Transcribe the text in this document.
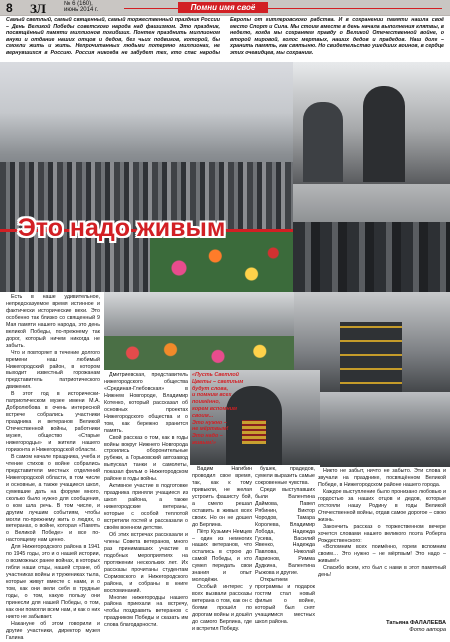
8 ЗЛ	№ 6 (160),
июнь 2014 г.	Помни имя своё

Самый светлый, самый священный, самый торжественный праздник России – День Великой Победы советского народа над фашизмом. Это праздник, посвящённый памяти миллионов погибших. Понтен празднить миллионом внуки и отдание наших отцов и дедов, без чьих подвигов, которой, бы смогли жить и жить. Непрочитанных людьми потеряно миллионах, не вернувшихся в Россию. Россия никогда не забудет тех, кто спас народы Европы от гитлеровского рабства. И в сохранении памяти нашла своё место Спорт и Сила. Мы стоим вместе в день начала выполнения клятвы, в неделю, когда мы сохраняем правду о Великой Отечественной войне, о второй мировой, голос мертвых, наших дедов и прадедов. Наш долг – хранить память, как святыню. Но свидетельство ушедших воинов, в сердце этих очевидцев, мы сохраним.

Это надо живым

Есть в наше удивительное, непредсказуемое время истинное и фактически исторические вехи. Это особенно так близко со священный 9 Мая памяти нашего народа, это день великой Победы, по-прежнему так дорог, который ничем никогда не забыть.

Что и повторяет в течение долгого времени наш любимый Нижегородский район, в котором выходит известный горожанам представитель патриотического движения.

В этот год в исторически-патриотическом музее имени М.А. Добролюбова в очень интересной встрече собрались участники праздника и ветеранов Великой Отечественной войны, работники музея, общество «Старые нижегородцы» и жители нашего горизонта и Нижегородской области.

В самом начале праздника, учеба и чтение стихов о войне собрались представители местных отделений Нижегородской области, в том числе и основные, а также учащиеся школ, сумевшие дать на форуме много, сколько было нужно для сообщения, о ком шла речь. В том числе, и другим лучшим событиям, чтобы могли по-прежнему жить о людях, о ветеранах, о войне, которая «Память о Великой Победе» и все по-настоящему нам ценно.

Для Нижегородского района в 1941 по 1945 годы, это и о нашей истории, о возможных ранее войнах, в которых гибли наши отцы, нашей стране, об участниках войны и тружениках тыла, которые живут вместе с нами, и о том, как они вели себя в трудные годы, о том, какую пользу они принесли для нашей Победы, о том, как они помогли всем нам, и как о них никто не забывает.

Накануне об этом говорили и другие участники, директор музея Галина

Дмитриевская, представитель нижегородского общества «Срединая-Глебовская» в Нижнем Новгороде, Владимир Котенко, который рассказал об основных проектах Нижегородского общества и о том, как бережно хранится память.

Свой рассказ о том, как в годы войны вокруг Нижнего Новгорода строились оборонительные рубежи, а Горьковский автозавод выпускал танки и самолеты, показал фильм о Нижегородском районе в годы войны.

Активное участие в подготовке праздника приняли учащиеся из школ района, а также нижегородские ветераны, которые с особой теплотой встретили гостей и рассказали о своём военном детстве.

Об этих встречах рассказали и члены Совета ветеранов, много раз принимавших участие в подобных мероприятиях на протяжении нескольких лет. Их рассказы прочитаны студентам Сормовского и Нижегородского района, и собраны в книге воспоминаний.

Многие нижегородцы нашего района приехали на встречу, чтобы поздравить ветеранов с праздником Победы и сказать им слова благодарности.

«Пусть Светлой
Цветы – светлым
будут слова,
и помним всех
поимённо,
горем вспомним
своим...
Это нужно –
не мёртвым!
Это надо –
живым!»

Вадим Нагибин проводил свое время, так, как к тому привыкли, не желая устроить фашисту бой, а смело решал оставить в живых всех своих. Но он не дошел до Берлина.

Пётр Кузьмич Немцев – один из немногих наших ветеранов, что остались в строю до самой Победы, и кто сумел передать свои знания и опыт молодёжи.

Особый интерес у всех вызвали рассказы ветерана о том, как он с боями прошёл по дорогам войны и дошёл до самого Берлина, где и встретил Победу.

бушек, прадедов, сумели выразить самые сокровенные чувства.

Среди выступавших были Валентина Даймова, Павел Рябинин, Виктор Чородов, Тамара Королева, Владимир Лобода, Надежда Гусева, Василий Явенко, Надежда Павлова, Николай Ларионов, Римма Дудкина, Валентина Рыжова и другие.

Открытием программы и подарок гостям стал новый фильм о войне, который был снят учащимися местных школ района.

Никто не забыт, ничто не забыто. Эти слова и звучали на празднике, посвящённом Великой Победе, в Нижегородском районе нашего города.

Каждое выступление было пронизано любовью и гордостью за наших отцов и дедов, которые отстояли нашу Родину в годы Великой Отечественной войны, отдав самое дорогое – свою жизнь.

Закончить рассказ о торжественном вечере хочется словами нашего великого поэта Роберта Рождественского:

«Вспомним всех поимённо, горем вспомним своим… Это нужно – не мёртвым! Это надо – живым!»

Спасибо всем, кто был с нами в этот памятный день!

Татьяна ФАЛАЛЕЕВА
Фото автора
